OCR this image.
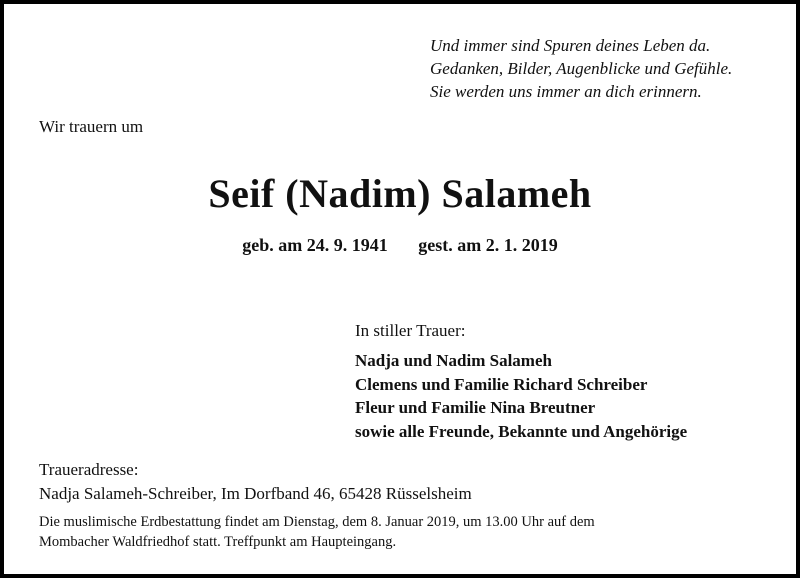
Und immer sind Spuren deines Leben da.
Gedanken, Bilder, Augenblicke und Gefühle.
Sie werden uns immer an dich erinnern.
Wir trauern um
Seif (Nadim) Salameh
geb. am 24. 9. 1941 gest. am 2. 1. 2019
In stiller Trauer:
Nadja und Nadim Salameh
Clemens und Familie Richard Schreiber
Fleur und Familie Nina Breutner
sowie alle Freunde, Bekannte und Angehörige
Traueradresse:
Nadja Salameh-Schreiber, Im Dorfband 46, 65428 Rüsselsheim
Die muslimische Erdbestattung findet am Dienstag, dem 8. Januar 2019, um 13.00 Uhr auf dem
Mombacher Waldfriedhof statt. Treffpunkt am Haupteingang.
